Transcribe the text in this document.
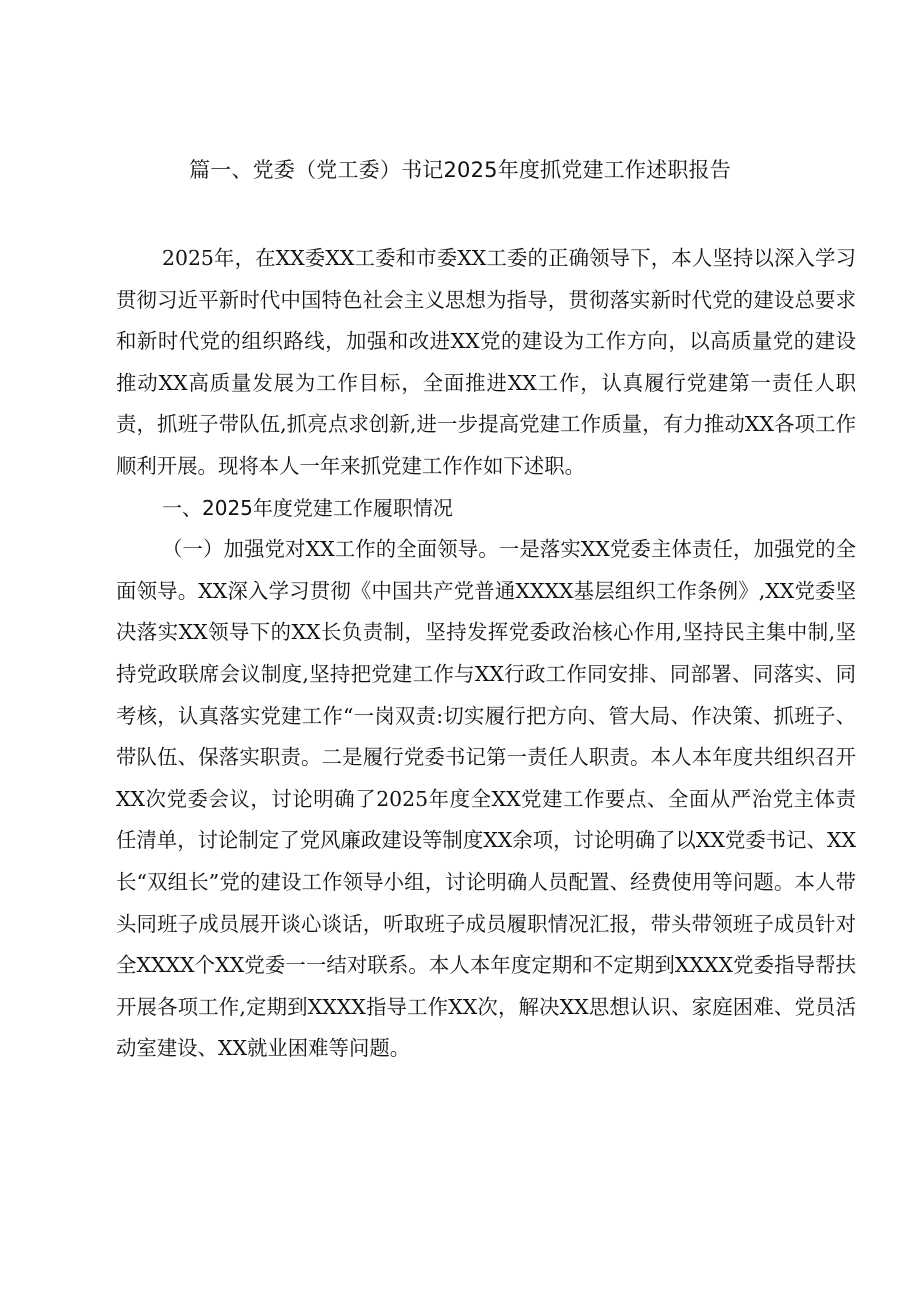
篇一、党委（党工委）书记2025年度抓党建工作述职报告

2025年，在XX委XX工委和市委XX工委的正确领导下，本人坚持以深入学习贯彻习近平新时代中国特色社会主义思想为指导，贯彻落实新时代党的建设总要求和新时代党的组织路线，加强和改进XX党的建设为工作方向，以高质量党的建设推动XX高质量发展为工作目标，全面推进XX工作，认真履行党建第一责任人职责，抓班子带队伍,抓亮点求创新,进一步提高党建工作质量，有力推动XX各项工作顺利开展。现将本人一年来抓党建工作作如下述职。

一、2025年度党建工作履职情况

（一）加强党对XX工作的全面领导。一是落实XX党委主体责任，加强党的全面领导。XX深入学习贯彻《中国共产党普通XXXX基层组织工作条例》,XX党委坚决落实XX领导下的XX长负责制，坚持发挥党委政治核心作用,坚持民主集中制,坚持党政联席会议制度,坚持把党建工作与XX行政工作同安排、同部署、同落实、同考核，认真落实党建工作“一岗双责:切实履行把方向、管大局、作决策、抓班子、带队伍、保落实职责。二是履行党委书记第一责任人职责。本人本年度共组织召开XX次党委会议，讨论明确了2025年度全XX党建工作要点、全面从严治党主体责任清单，讨论制定了党风廉政建设等制度XX余项，讨论明确了以XX党委书记、XX长“双组长”党的建设工作领导小组，讨论明确人员配置、经费使用等问题。本人带头同班子成员展开谈心谈话，听取班子成员履职情况汇报，带头带领班子成员针对全XXXX个XX党委一一结对联系。本人本年度定期和不定期到XXXX党委指导帮扶开展各项工作,定期到XXXX指导工作XX次，解决XX思想认识、家庭困难、党员活动室建设、XX就业困难等问题。
